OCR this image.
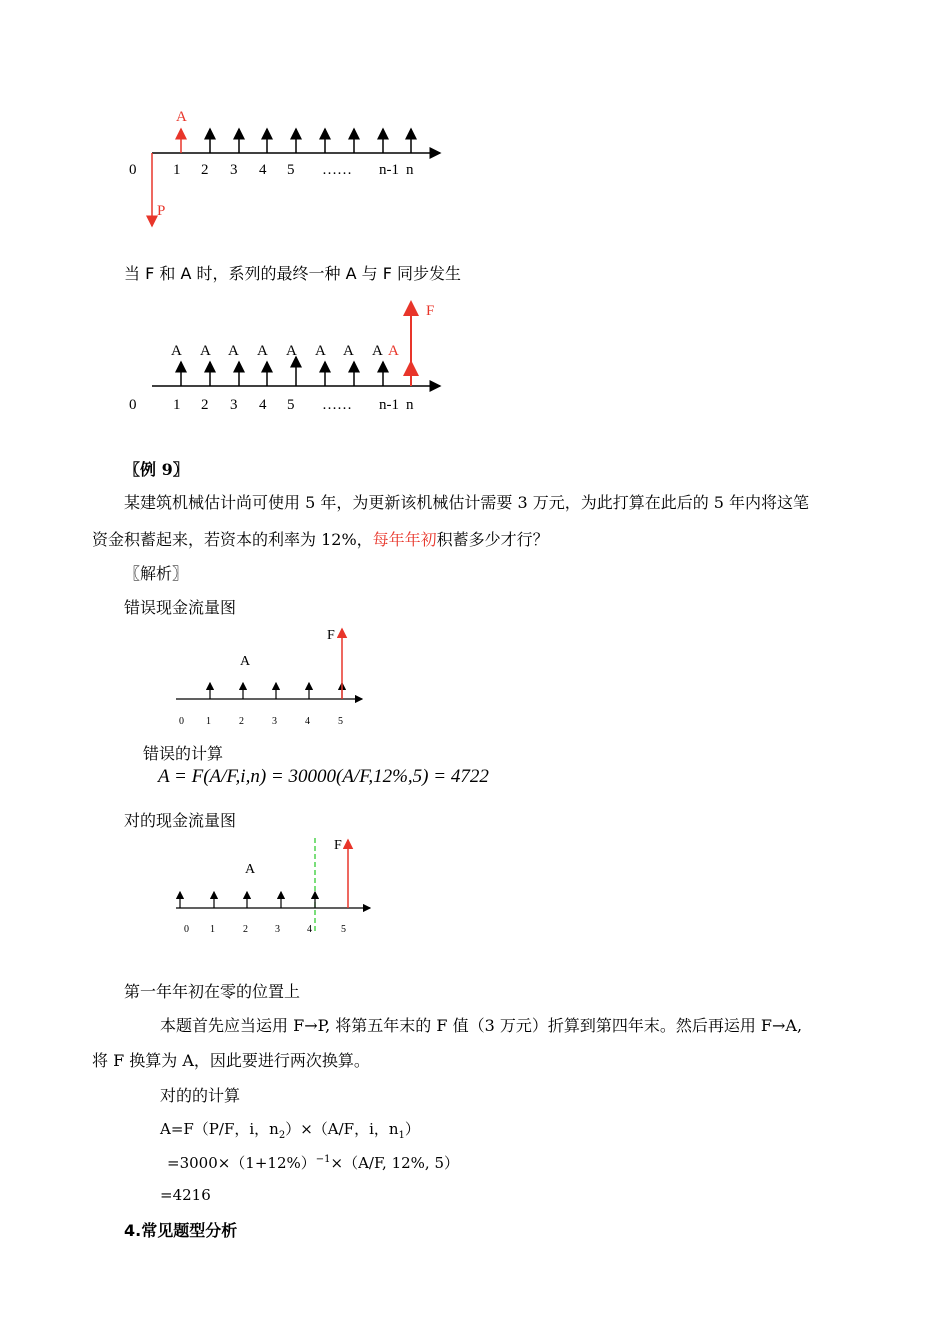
A
P
0 1 2 3 4 5 …… n-1 n
当 F 和 A 时，系列的最终一种 A 与 F 同步发生
F
A A A A A A A A A
0 1 2 3 4 5 …… n-1 n
〖例 9〗
某建筑机械估计尚可使用 5 年，为更新该机械估计需要 3 万元，为此打算在此后的 5 年内将这笔
资金积蓄起来，若资本的利率为 12%，每年年初积蓄多少才行？
〖解析〗
错误现金流量图
F
A
0 1	2	3	4	5
错误的计算
A = F(A/F,i,n) = 30000(A/F,12%,5) = 4722
对的现金流量图
F
A
0 1	2	3	4	5
第一年年初在零的位置上
本题首先应当运用 F→P, 将第五年末的 F 值（3 万元）折算到第四年末。然后再运用 F→A,
将 F 换算为 A，因此要进行两次换算。
对的的计算
A=F（P/F，i，$n_2)\times(A/F$，i，$n_1$）
$=3000\times(1+12\%)^{-1}\times(A/F$, 12%, 5）
=4216
4.常见题型分析
